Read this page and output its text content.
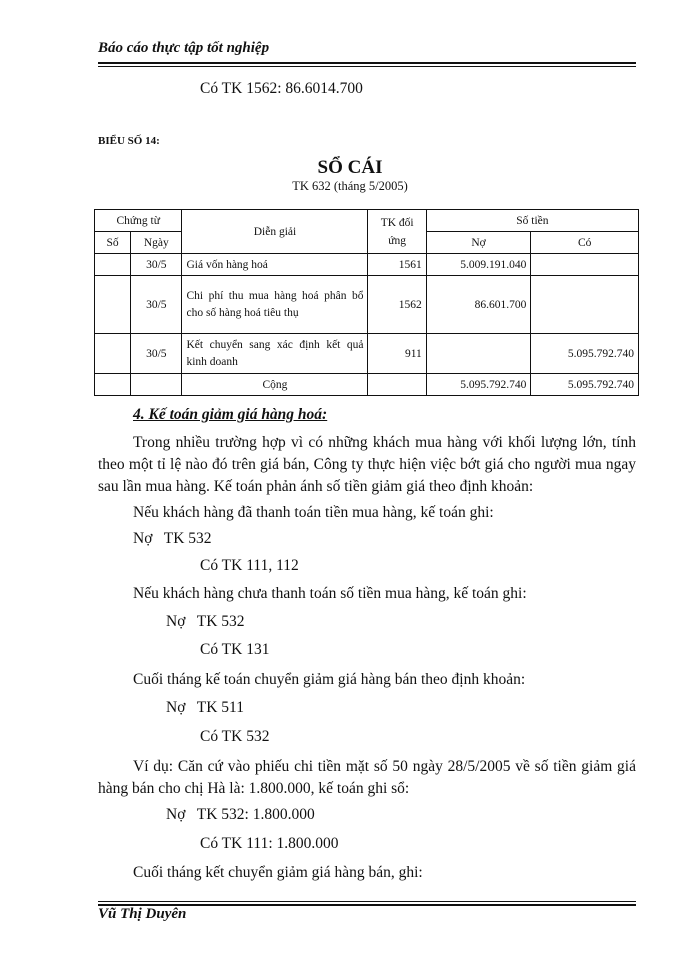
Báo cáo thực tập tốt nghiệp
Có TK 1562: 86.6014.700
BIỂU SỐ 14:
SỔ CÁI
TK 632 (tháng 5/2005)
Chứng từ		Diễn giải	TK đối ứng	Số tiền	
Số	Ngày			Nợ	Có
	30/5	Giá vốn hàng hoá	1561	5.009.191.040	
	30/5	Chi phí thu mua hàng hoá phân bổ cho số hàng hoá tiêu thụ	1562	86.601.700	
	30/5	Kết chuyển sang xác định kết quả kinh doanh	911		5.095.792.740
		Cộng		5.095.792.740	5.095.792.740
4. Kế toán giảm giá hàng hoá:
Trong nhiều trường hợp vì có những khách mua hàng với khối lượng lớn, tính theo một tỉ lệ nào đó trên giá bán, Công ty thực hiện việc bớt giá cho người mua ngay sau lần mua hàng. Kế toán phản ánh số tiền giảm giá theo định khoản:
Nếu khách hàng đã thanh toán tiền mua hàng, kế toán ghi:
Nợ   TK 532
Có TK 111, 112
Nếu khách hàng chưa thanh toán số tiền mua hàng, kế toán ghi:
Nợ   TK 532
Có TK 131
Cuối tháng kế toán chuyển giảm giá hàng bán theo định khoản:
Nợ   TK 511
Có TK 532
Ví dụ: Căn cứ vào phiếu chi tiền mặt số 50 ngày 28/5/2005 về số tiền giảm giá hàng bán cho chị Hà là: 1.800.000, kế toán ghi sổ:
Nợ   TK 532: 1.800.000
Có TK 111: 1.800.000
Cuối tháng kết chuyển giảm giá hàng bán, ghi:
Vũ Thị Duyên
